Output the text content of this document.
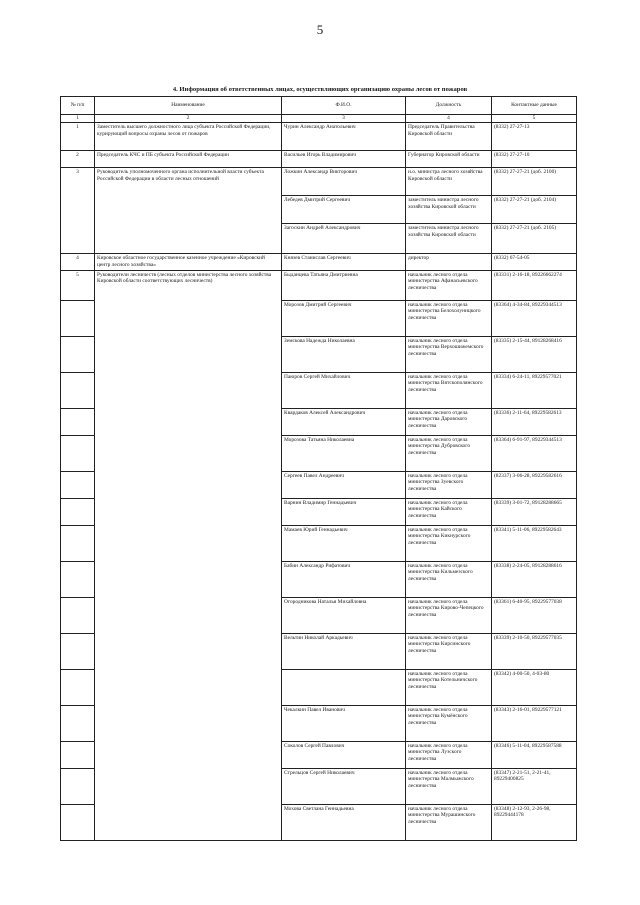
5
4. Информация об ответственных лицах, осуществляющих организацию охраны лесов от пожаров
№ п/п	Наименование	Ф.И.О.	Должность	Контактные данные
1	2	3	4	5
1	Заместитель высшего должностного лица субъекта Российской Федерации, курирующий вопросы охраны лесов от пожаров	Чурин Александр Анатольевич	Председатель Правительства Кировской области	(8332) 27-27-13
2	Председатель КЧС и ПБ субъекта Российской Федерации	Васильев Игорь Владимирович	Губернатор Кировской области	(8332) 27-27-10
3	Руководитель уполномоченного органа исполнительной власти субъекта Российской Федерации в области лесных отношений	Ложкин Александр Викторович	и.о. министра лесного хозяйства Кировской области	(8332) 27-27-21 (доб. 2100)
		Лебедев Дмитрий Сергеевич	заместитель министра лесного хозяйства Кировской области	(8332) 27-27-21 (доб. 2104)
		Загоскин Андрей Александрович	заместитель министра лесного хозяйства Кировской области	(8332) 27-27-21 (доб. 2105)
4	Кировское областное государственное казенное учреждение «Кировский центр лесного хозяйства»	Князев Станислав Сергеевич	директор	(8332) 67-54-05
5	Руководители лесничеств (лесных отделов министерства лесного хозяйства Кировской области соответствующих лесничеств)	Быданцева Татьяна Дмитриевна	начальник лесного отдела министерства Афанасьевского лесничества	(83331) 2-16-18, 89226662274
		Морозов Дмитрий Сергеевич	начальник лесного отдела министерства Белохолуницкого лесничества	(83364) 4-34-84, 89229344513
		Земскова Надежда Николаевна	начальник лесного отдела министерства Верхошижемского лесничества	(83335) 2-15-44, 89128268416
		Паюров Сергей Михайлович	начальник лесного отдела министерства Вятскополянского лесничества	(83334) 6-24-11, 89229577021
		Квардаков Алексей Александрович	начальник лесного отдела министерства Даровского лесничества	(83336) 2-11-64, 89229582613
		Морозова Татьяна Николаевна	начальник лесного отдела министерства Дубровского лесничества	(83364) 6-91-97, 89229344513
		Сергеев Павел Андреевич	начальник лесного отдела министерства Зуевского лесничества	(82337) 3-06-28, 89229582616
		Варнин Владимир Геннадьевич	начальник лесного отдела министерства Кайского лесничества	(83339) 3-01-72, 89128288665
		Мамаев Юрий Геннадьевич	начальник лесного отдела министерства Кикнурского лесничества	(83341) 5-11-06, 89229582643
		Бабин Александр Рифатович	начальник лесного отдела министерства Кильмезского лесничества	(83338) 2-24-05, 89128288616
		Огородникова Наталья Михайловна	начальник лесного отдела министерства Кирово-Чепецкого лесничества	(83361) 6-40-95, 89229577038
		Вельтин Николай Аркадьевич	начальник лесного отдела министерства Кирсинского лесничества	(83339) 2-10-50, 89229577035
			начальник лесного отдела министерства Котельничского лесничества	(83342) 4-00-50, 4-03-80
		Чекалкин Павел Иванович	начальник лесного отдела министерства Кумёнского лесничества	(83343) 2-16-01, 89229577121
		Соколов Сергей Павлович	начальник лесного отдела министерства Лузского лесничества	(83346) 5-11-04, 89229587588
		Стрельцов Сергей Николаевич	начальник лесного отдела министерства Малмыжского лесничества	(83347) 2-21-51, 2-21-41, 89229400825
		Мохова Светлана Геннадьевна	начальник лесного отдела министерства Мурашинского лесничества	(83348) 2-12-93, 2-26-98, 89229444178
